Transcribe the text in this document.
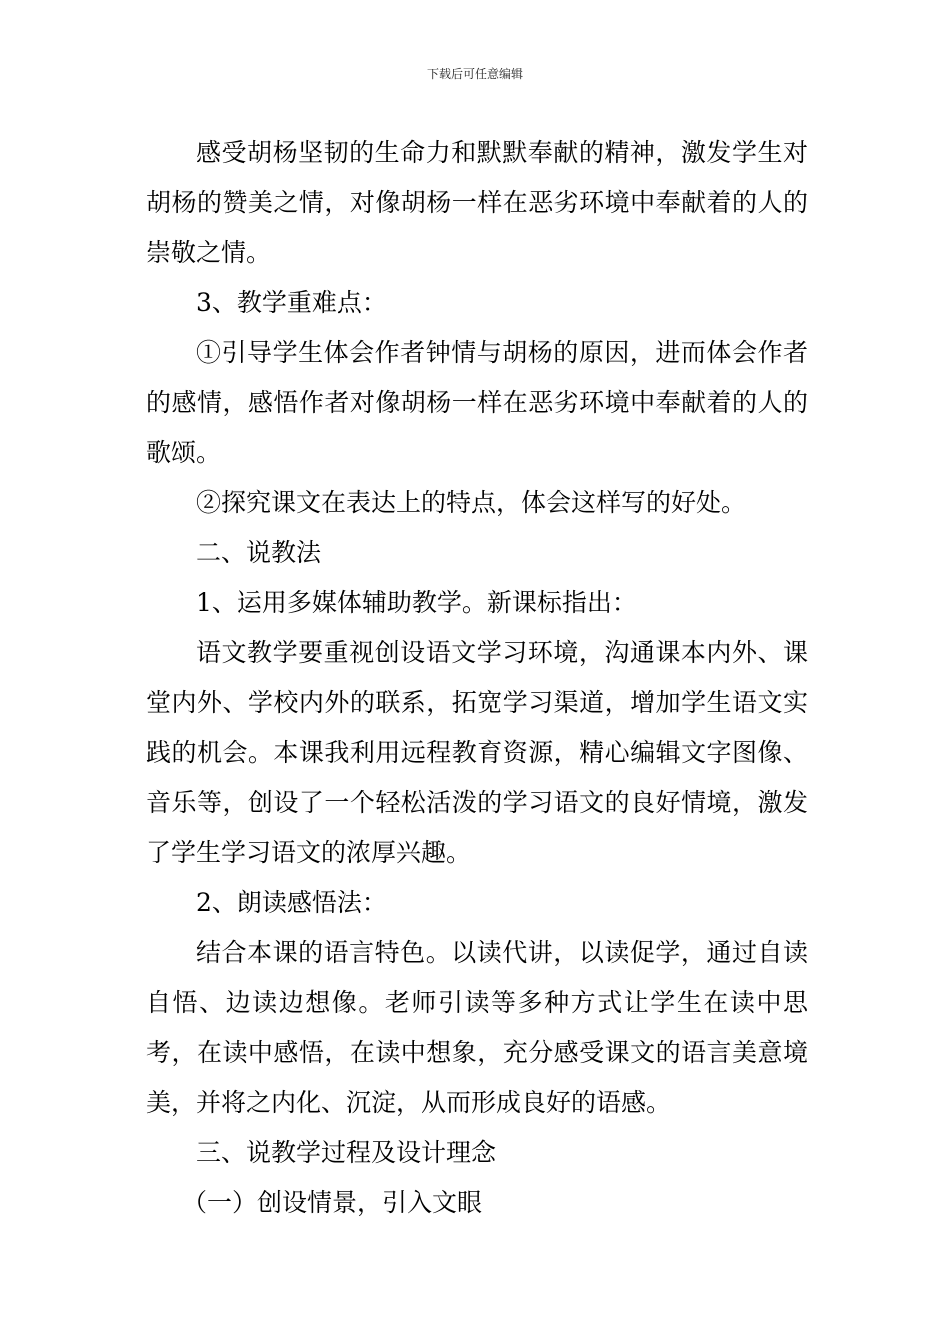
下载后可任意编辑

感受胡杨坚韧的生命力和默默奉献的精神，激发学生对胡杨的赞美之情，对像胡杨一样在恶劣环境中奉献着的人的崇敬之情。

3、教学重难点：

①引导学生体会作者钟情与胡杨的原因，进而体会作者的感情，感悟作者对像胡杨一样在恶劣环境中奉献着的人的歌颂。

②探究课文在表达上的特点，体会这样写的好处。

二、说教法

1、运用多媒体辅助教学。新课标指出：

语文教学要重视创设语文学习环境，沟通课本内外、课堂内外、学校内外的联系，拓宽学习渠道，增加学生语文实践的机会。本课我利用远程教育资源，精心编辑文字图像、音乐等，创设了一个轻松活泼的学习语文的良好情境，激发了学生学习语文的浓厚兴趣。

2、朗读感悟法：

结合本课的语言特色。以读代讲，以读促学，通过自读自悟、边读边想像。老师引读等多种方式让学生在读中思考，在读中感悟，在读中想象，充分感受课文的语言美意境美，并将之内化、沉淀，从而形成良好的语感。

三、说教学过程及设计理念

（一）创设情景，引入文眼
